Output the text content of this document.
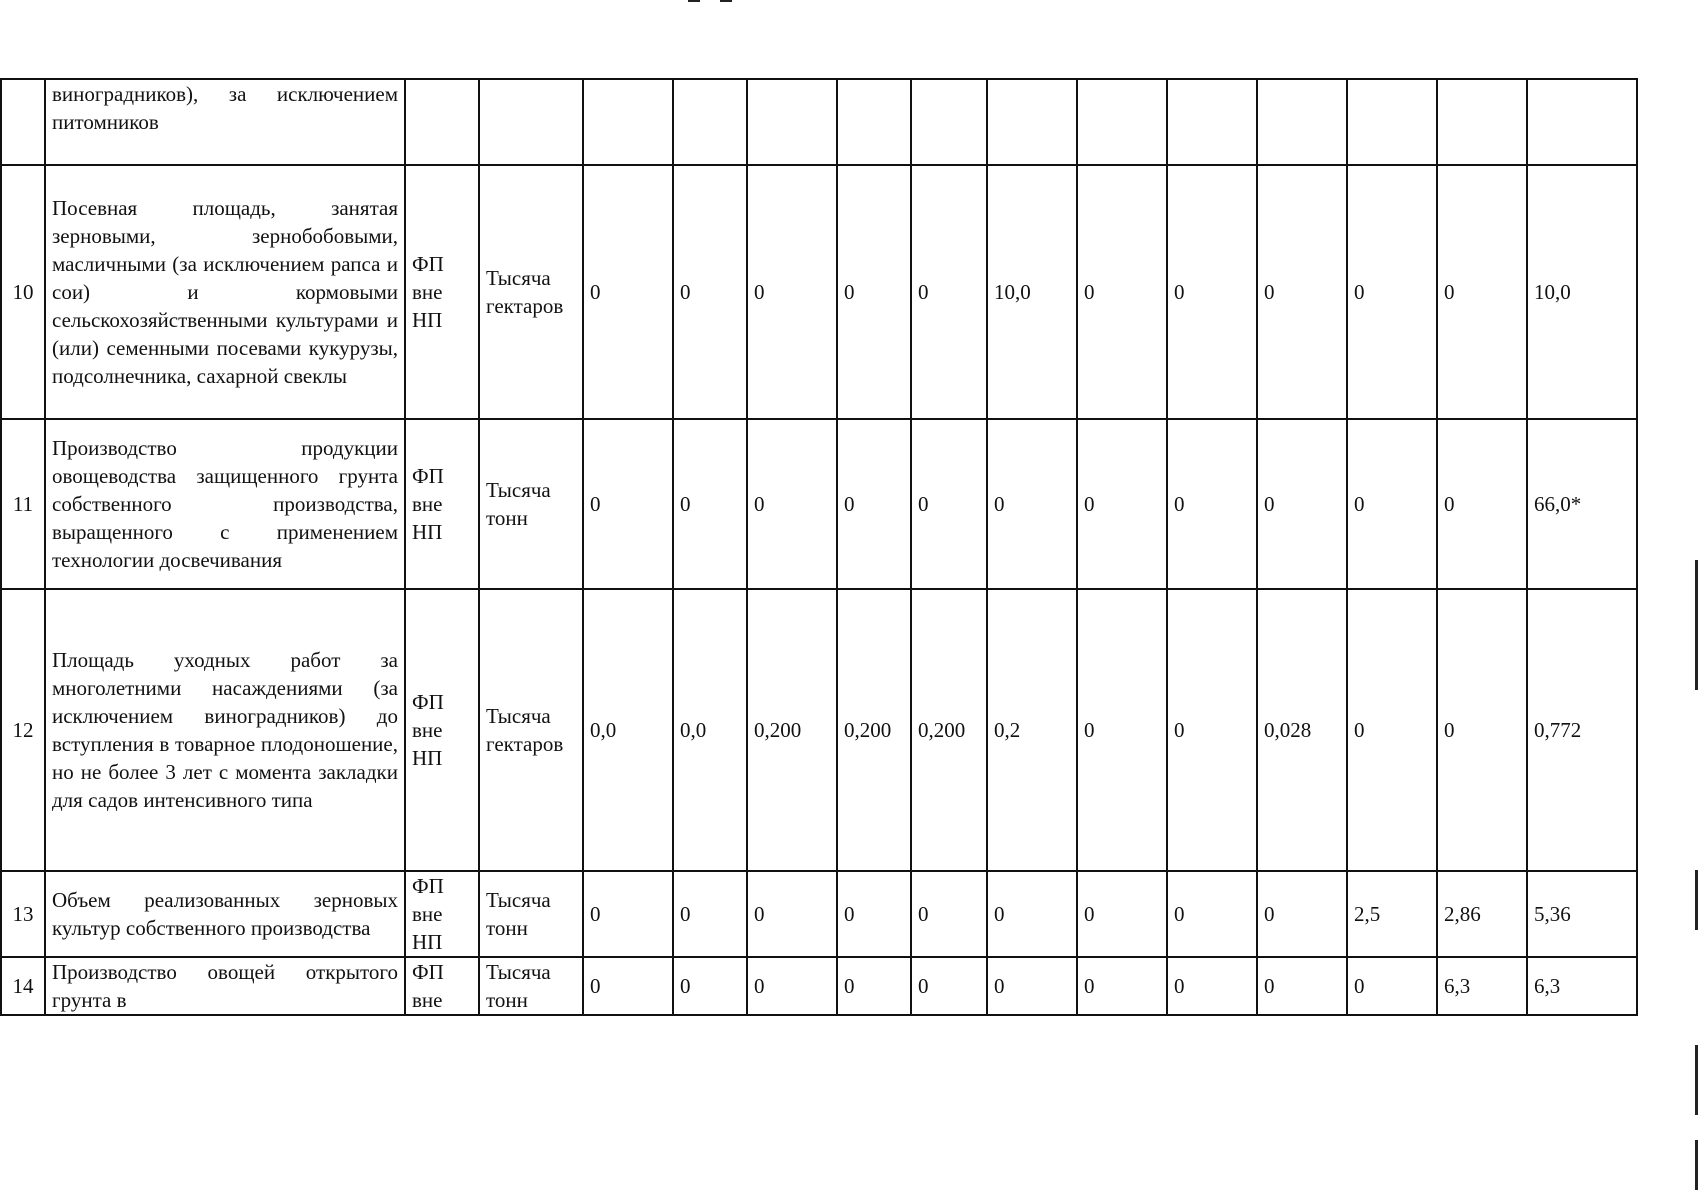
	виноградников), за исключением питомников														
10	Посевная площадь, занятая зерновыми, зернобобовыми, масличными (за исключением рапса и сои) и кормовыми сельскохозяйственными культурами и (или) семенными посевами кукурузы, подсолнечника, сахарной свеклы	ФП вне НП	Тысяча гектаров	0	0	0	0	0	10,0	0	0	0	0	0	10,0
11	Производство продукции овощеводства защищенного грунта собственного производства, выращенного с применением технологии досвечивания	ФП вне НП	Тысяча тонн	0	0	0	0	0	0	0	0	0	0	0	66,0*
12	Площадь уходных работ за многолетними насаждениями (за исключением виноградников) до вступления в товарное плодоношение, но не более 3 лет с момента закладки для садов интенсивного типа	ФП вне НП	Тысяча гектаров	0,0	0,0	0,200	0,200	0,200	0,2	0	0	0,028	0	0	0,772
13	Объем реализованных зерновых культур собственного производства	ФП вне НП	Тысяча тонн	0	0	0	0	0	0	0	0	0	2,5	2,86	5,36
14	Производство овощей открытого грунта в	ФП вне	Тысяча тонн	0	0	0	0	0	0	0	0	0	0	6,3	6,3
